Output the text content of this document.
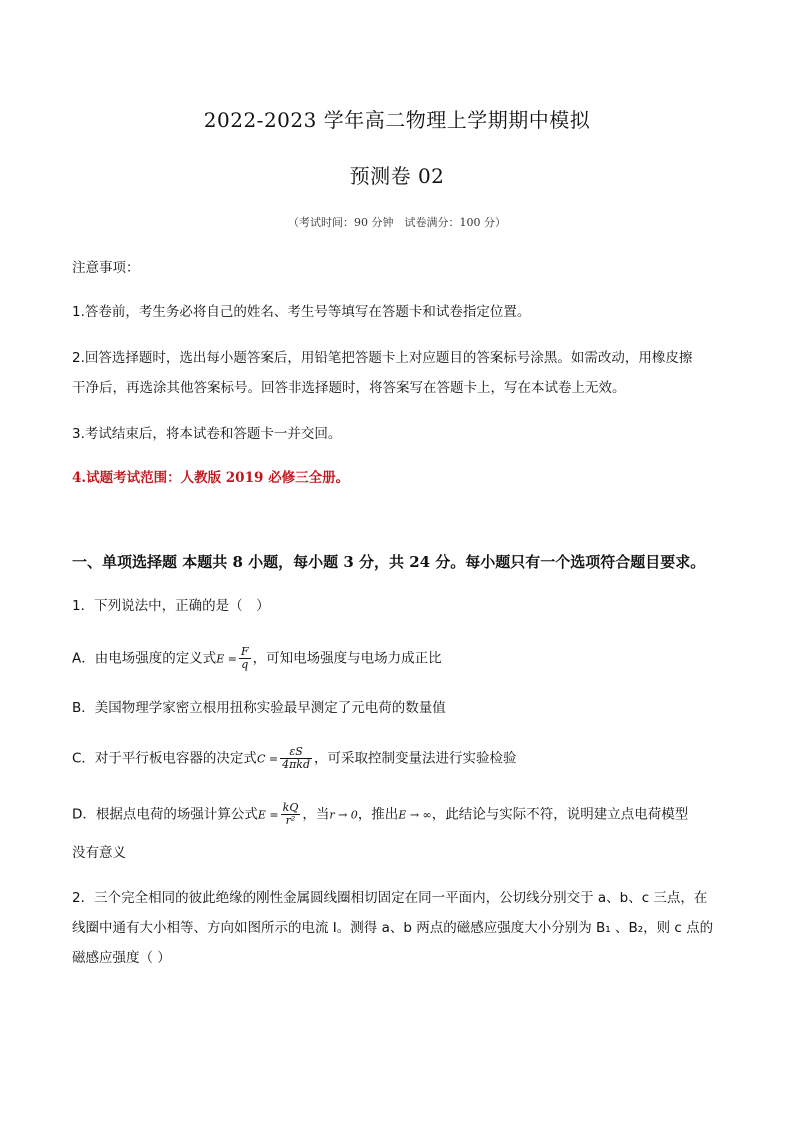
2022-2023 学年高二物理上学期期中模拟
预测卷 02
（考试时间：90 分钟　试卷满分：100 分）
注意事项：
1.答卷前，考生务必将自己的姓名、考生号等填写在答题卡和试卷指定位置。
2.回答选择题时，选出每小题答案后，用铅笔把答题卡上对应题目的答案标号涂黑。如需改动，用橡皮擦
干净后，再选涂其他答案标号。回答非选择题时，将答案写在答题卡上，写在本试卷上无效。
3.考试结束后，将本试卷和答题卡一并交回。
4.试题考试范围：人教版 2019 必修三全册。
一、单项选择题 本题共 8 小题，每小题 3 分，共 24 分。每小题只有一个选项符合题目要求。
1．下列说法中，正确的是（　）
A．由电场强度的定义式$E = \frac{F}{q}$ ，可知电场强度与电场力成正比
B．美国物理学家密立根用扭称实验最早测定了元电荷的数量值
C．对于平行板电容器的决定式$C = \frac{\varepsilon S}{\text{4πkd}}$ ，可采取控制变量法进行实验检验
D．根据点电荷的场强计算公式$E = \frac{kQ}{\text{r²}}$ ，当r → 0，推出E → ∞，此结论与实际不符，说明建立点电荷模型
没有意义
2．三个完全相同的彼此绝缘的刚性金属圆线圈相切固定在同一平面内，公切线分别交于 a、b、c 三点，在
线圈中通有大小相等、方向如图所示的电流 I。测得 a、b 两点的磁感应强度大小分别为 B₁ 、B₂，则 c 点的
磁感应强度（ ）
